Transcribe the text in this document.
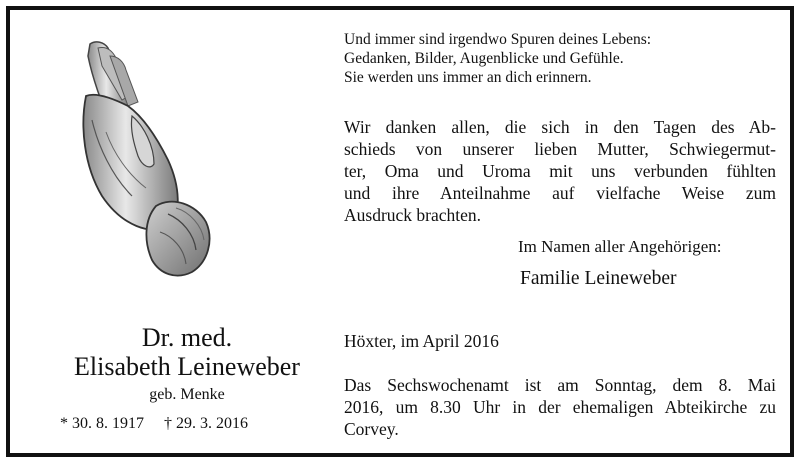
Und immer sind irgendwo Spuren deines Lebens:
Gedanken, Bilder, Augenblicke und Gefühle.
Sie werden uns immer an dich erinnern.
Wir danken allen, die sich in den Tagen des Ab-
schieds von unserer lieben Mutter, Schwiegermut-
ter, Oma und Uroma mit uns verbunden fühlten
und ihre Anteilnahme auf vielfache Weise zum
Ausdruck brachten.
Im Namen aller Angehörigen:
Familie Leineweber
Dr. med.
Elisabeth Leineweber
geb. Menke
* 30. 8. 1917 † 29. 3. 2016
Höxter, im April 2016
Das Sechswochenamt ist am Sonntag, dem 8. Mai
2016, um 8.30 Uhr in der ehemaligen Abteikirche zu
Corvey.
